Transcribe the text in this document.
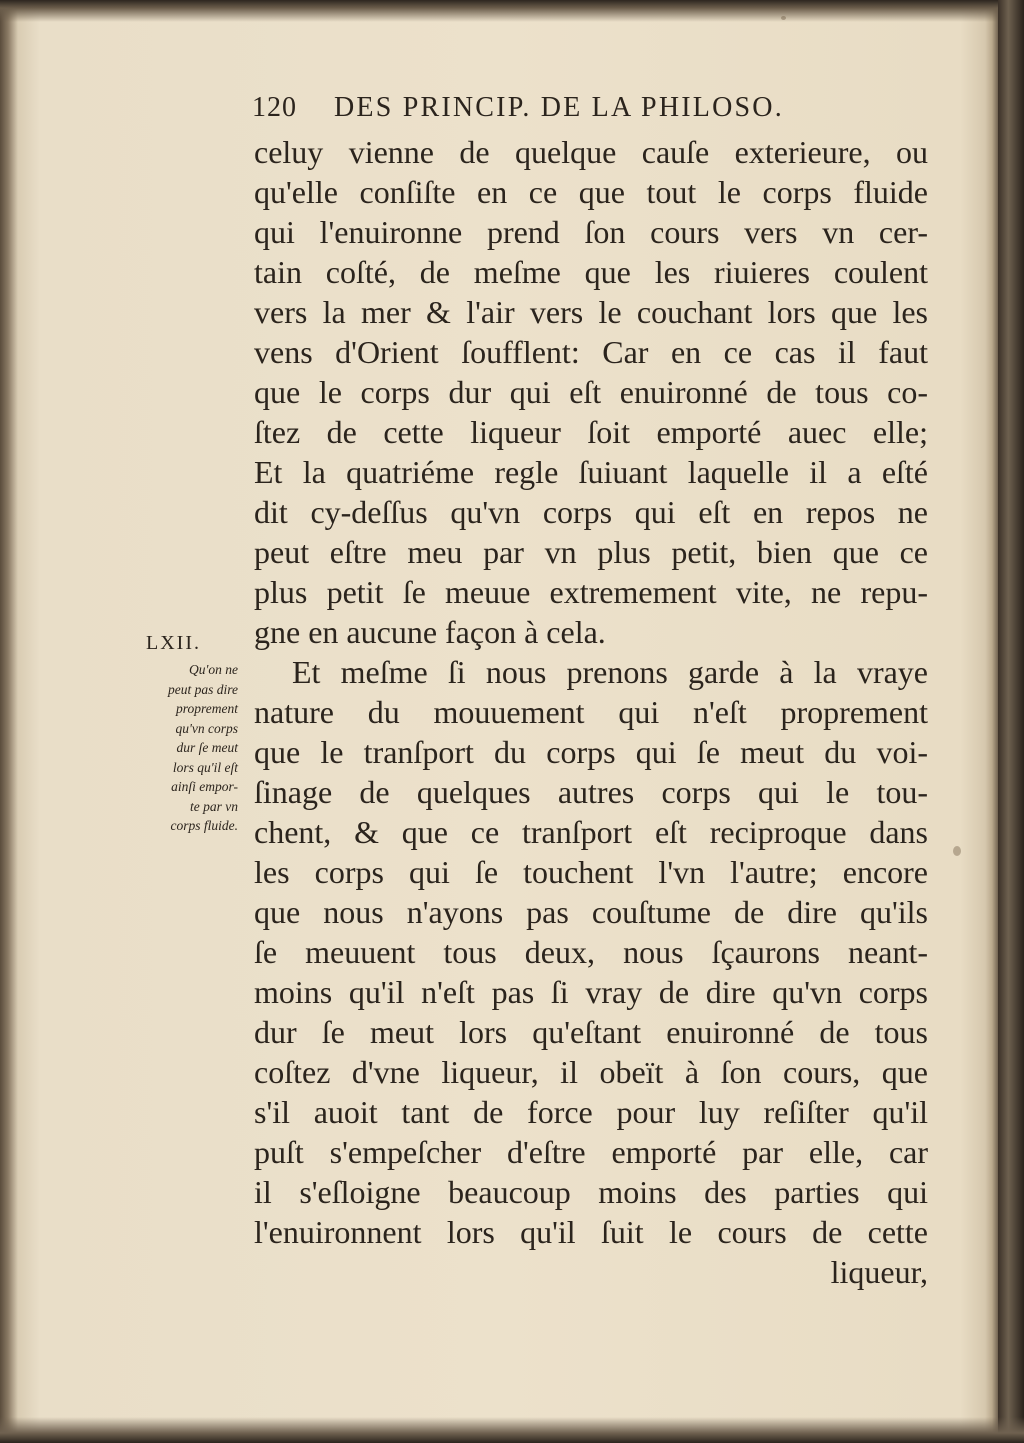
120 DES PRINCIP. DE LA PHILOSO.
LXII.
Qu'on ne
peut pas dire
proprement
qu'vn corps
dur ſe meut
lors qu'il eſt
ainſi empor-
te par vn
corps fluide.
celuy vienne de quelque cauſe exterieure, ou
qu'elle conſiſte en ce que tout le corps fluide
qui l'enuironne prend ſon cours vers vn cer-
tain coſté, de meſme que les riuieres coulent
vers la mer & l'air vers le couchant lors que les
vens d'Orient ſoufflent: Car en ce cas il faut
que le corps dur qui eſt enuironné de tous co-
ſtez de cette liqueur ſoit emporté auec elle;
Et la quatriéme regle ſuiuant laquelle il a eſté
dit cy-deſſus qu'vn corps qui eſt en repos ne
peut eſtre meu par vn plus petit, bien que ce
plus petit ſe meuue extremement vite, ne repu-
gne en aucune façon à cela.
Et meſme ſi nous prenons garde à la vraye
nature du mouuement qui n'eſt proprement
que le tranſport du corps qui ſe meut du voi-
ſinage de quelques autres corps qui le tou-
chent, & que ce tranſport eſt reciproque dans
les corps qui ſe touchent l'vn l'autre; encore
que nous n'ayons pas couſtume de dire qu'ils
ſe meuuent tous deux, nous ſçaurons neant-
moins qu'il n'eſt pas ſi vray de dire qu'vn corps
dur ſe meut lors qu'eſtant enuironné de tous
coſtez d'vne liqueur, il obeït à ſon cours, que
s'il auoit tant de force pour luy reſiſter qu'il
puſt s'empeſcher d'eſtre emporté par elle, car
il s'eſloigne beaucoup moins des parties qui
l'enuironnent lors qu'il ſuit le cours de cette
liqueur,
